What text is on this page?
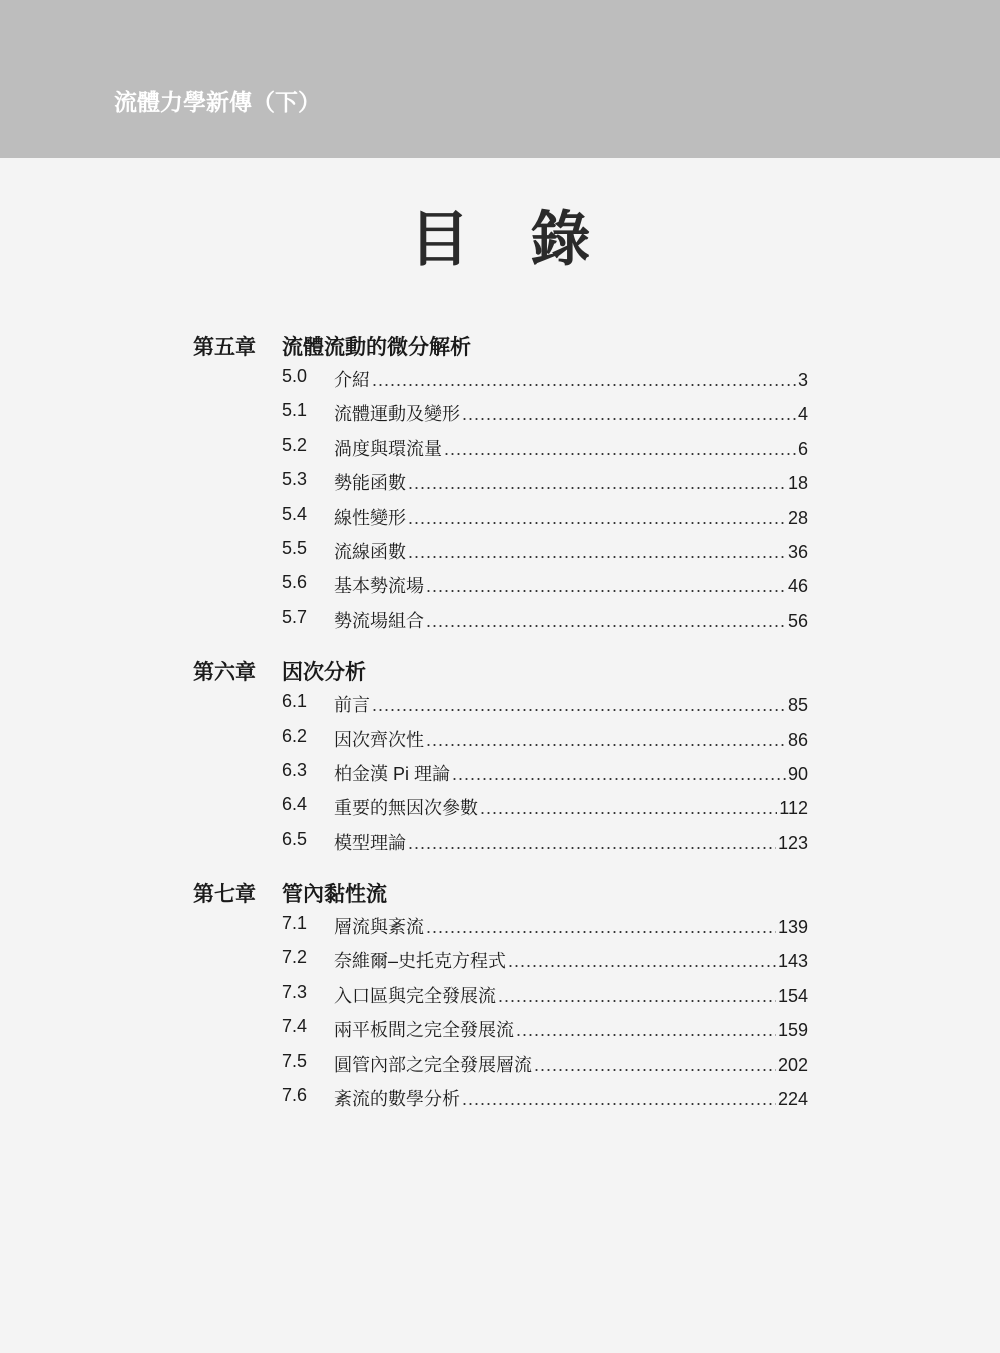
流體力學新傳（下）
目 錄
第五章 流體流動的微分解析
5.0 介紹 .....	3
5.1 流體運動及變形 .....	4
5.2 渦度與環流量 .....	6
5.3 勢能函數 .....	18
5.4 線性變形 .....	28
5.5 流線函數 .....	36
5.6 基本勢流場 .....	46
5.7 勢流場組合 .....	56
第六章 因次分析
6.1 前言 .....	85
6.2 因次齊次性 .....	86
6.3 柏金漢 Pi 理論 .....	90
6.4 重要的無因次參數 .....	112
6.5 模型理論 .....	123
第七章 管內黏性流
7.1 層流與紊流 .....	139
7.2 奈維爾–史托克方程式 .....	143
7.3 入口區與完全發展流 .....	154
7.4 兩平板間之完全發展流 .....	159
7.5 圓管內部之完全發展層流 .....	202
7.6 紊流的數學分析 .....	224
